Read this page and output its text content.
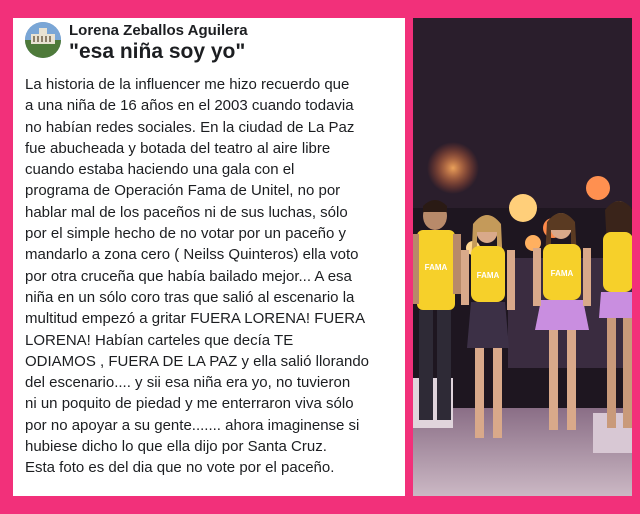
Lorena Zeballos Aguilera
"esa niña soy yo"
La historia de la influencer me hizo recuerdo que
a una niña de 16 años en el 2003 cuando todavia
no habían redes sociales. En la ciudad de La Paz
fue abucheada y botada del teatro al aire libre
cuando estaba haciendo una gala con el
programa de Operación Fama de Unitel, no por
hablar mal de los paceños ni de sus luchas, sólo
por el simple hecho de no votar por un paceño y
mandarlo a zona cero ( Neilss Quinteros) ella voto
por otra cruceña que había bailado mejor... A esa
niña en un sólo coro tras que salió al escenario la
multitud empezó a gritar FUERA LORENA! FUERA
LORENA! Habían carteles que decía TE
ODIAMOS , FUERA DE LA PAZ y ella salió llorando
del escenario.... y sii esa niña era yo, no tuvieron
ni un poquito de piedad y me enterraron viva sólo
por no apoyar a su gente....... ahora imaginense si
hubiese dicho lo que ella dijo por Santa Cruz.
Esta foto es del dia que no vote por el paceño.
FAMA
FAMA	FAMA
